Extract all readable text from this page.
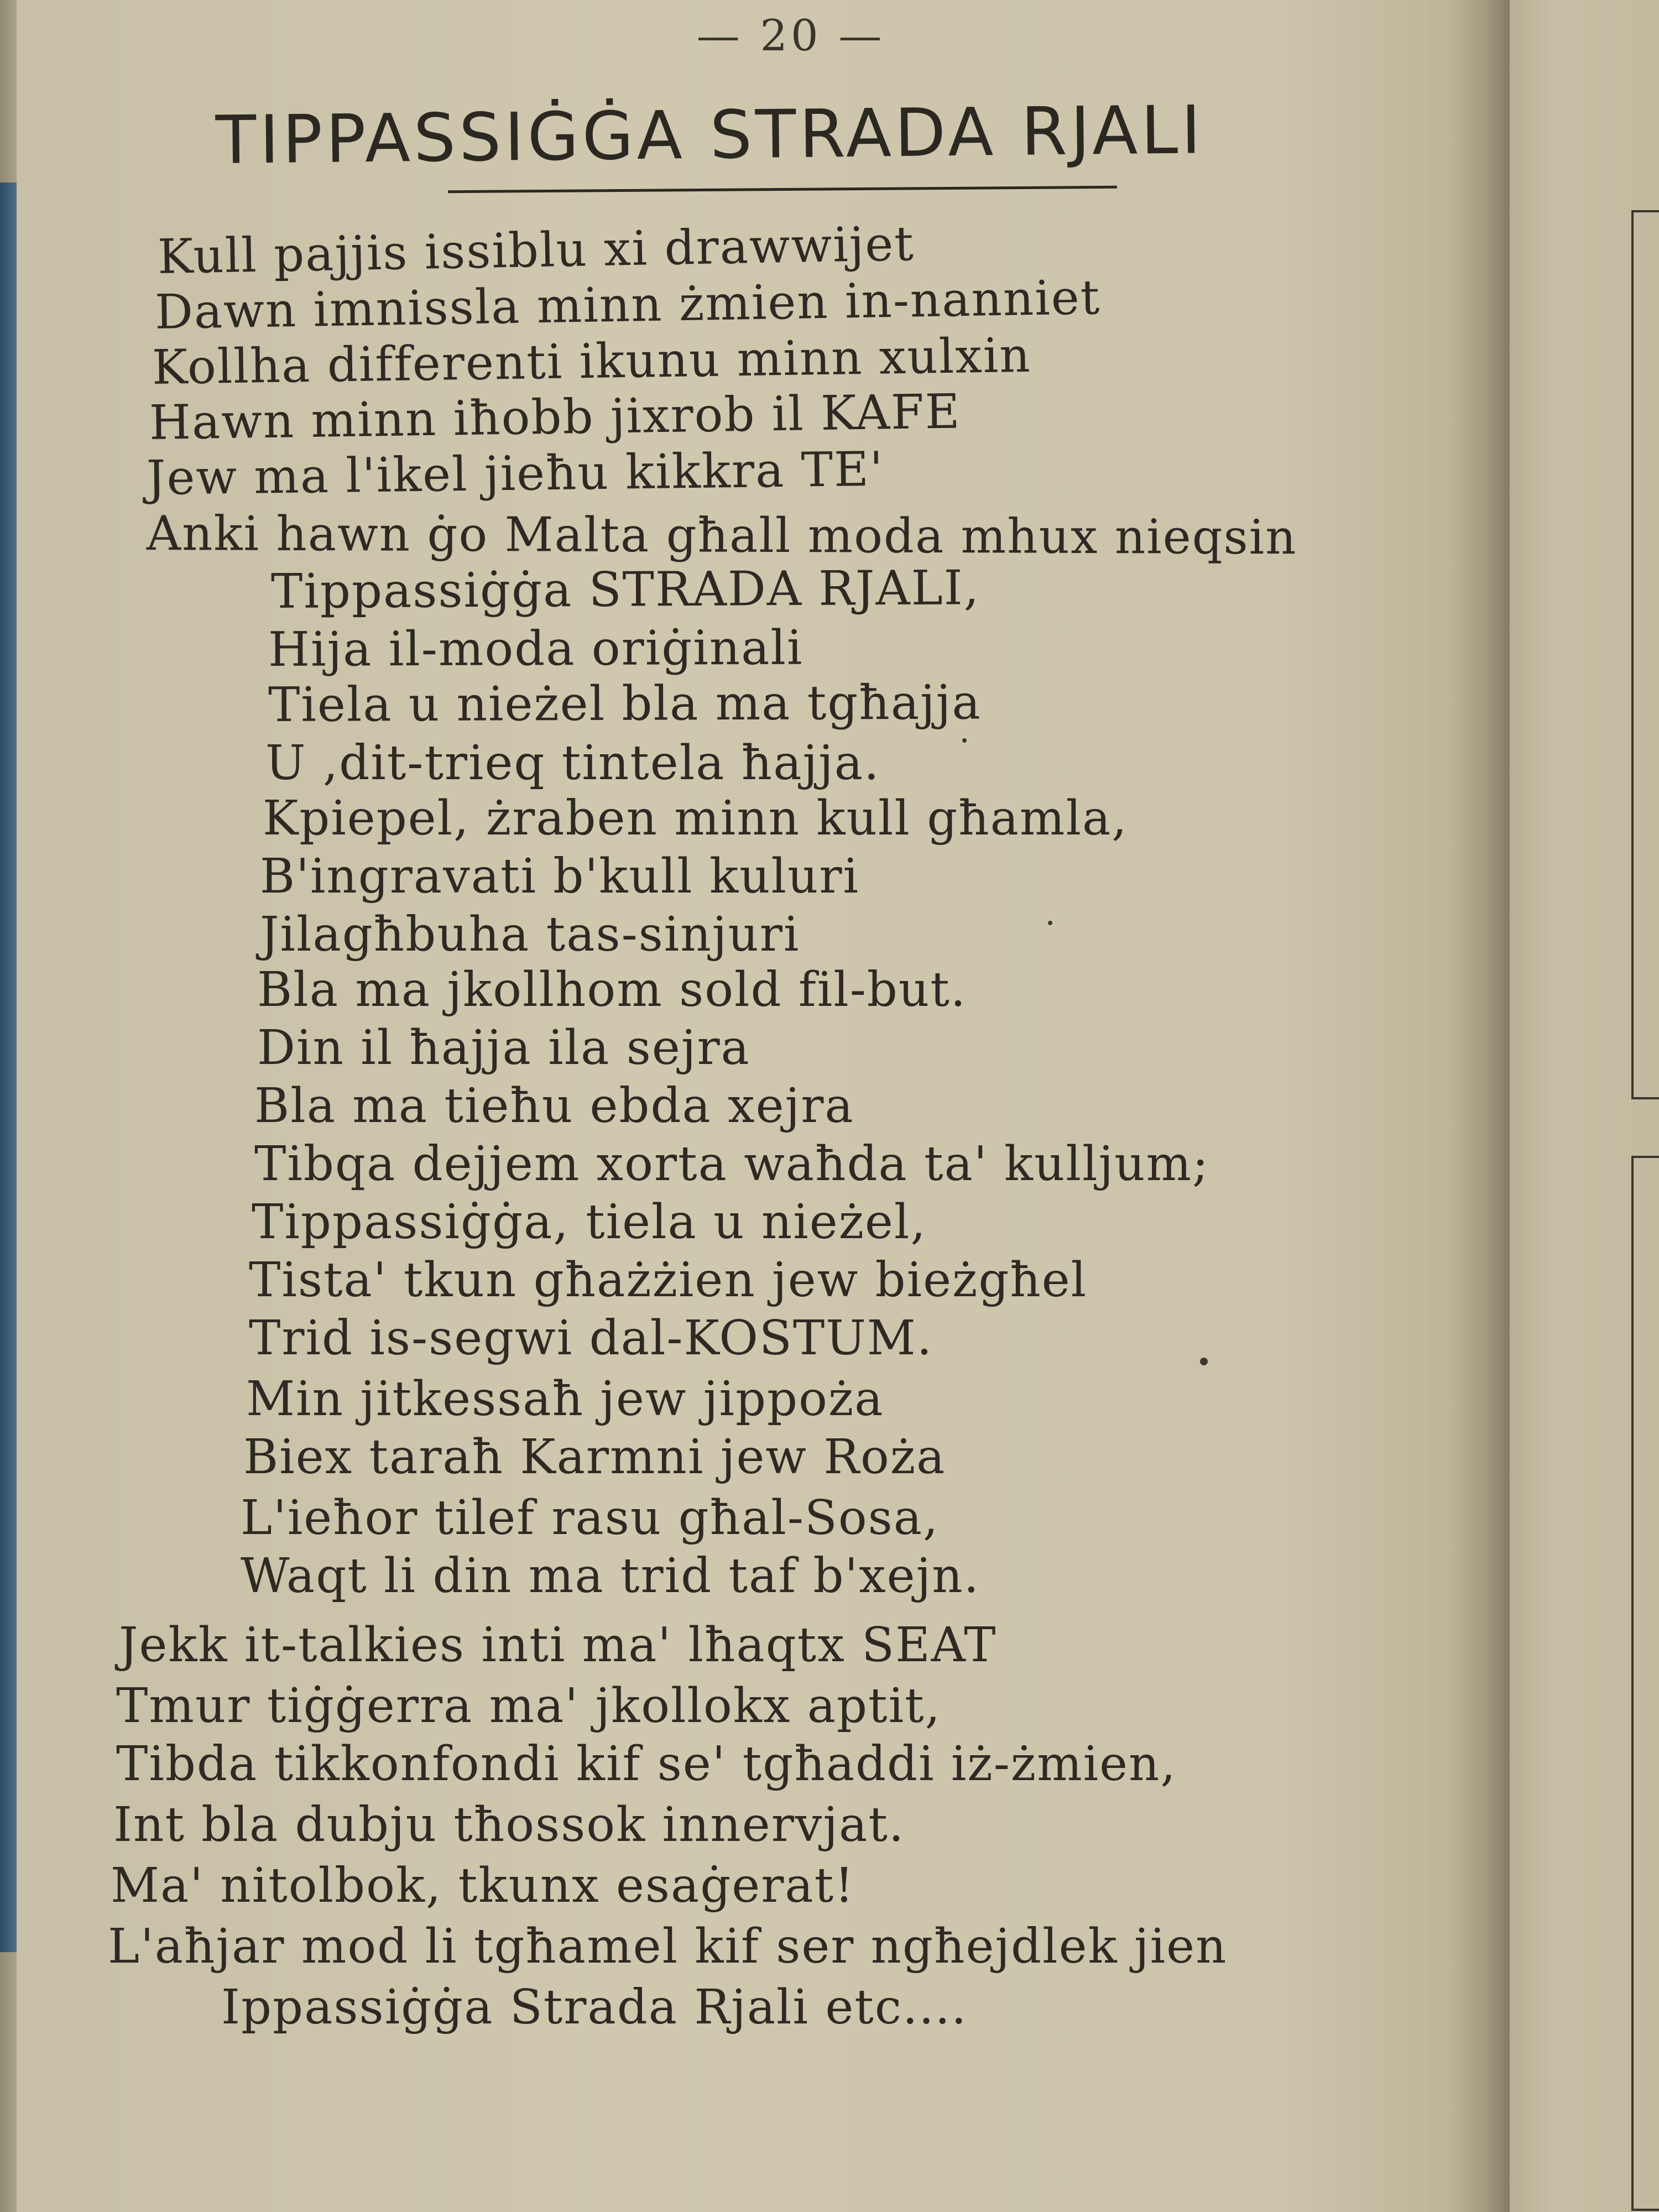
— 20 —
TIPPASSIĠĠA STRADA RJALI
Kull pajjis issiblu xi drawwijet
Dawn imnissla minn żmien in-nanniet
Kollha differenti ikunu minn xulxin
Hawn minn iħobb jixrob il KAFE
Jew ma l'ikel jieħu kikkra TE'
Anki hawn ġo Malta għall moda mhux nieqsin
Tippassiġġa STRADA RJALI,
Hija il-moda oriġinali
Tiela u nieżel bla ma tgħajja
U ,dit-trieq tintela ħajja.
Kpiepel, żraben minn kull għamla,
B'ingravati b'kull kuluri
Jilagħbuha tas-sinjuri
Bla ma jkollhom sold fil-but.
Din il ħajja ila sejra
Bla ma tieħu ebda xejra
Tibqa dejjem xorta waħda ta' kulljum;
Tippassiġġa, tiela u nieżel,
Tista' tkun għażżien jew bieżgħel
Trid is-segwi dal-KOSTUM.
Min jitkessaħ jew jippoża
Biex taraħ Karmni jew Roża
L'ieħor tilef rasu għal-Sosa,
Waqt li din ma trid taf b'xejn.
Jekk it-talkies inti ma' lħaqtx SEAT
Tmur tiġġerra ma' jkollokx aptit,
Tibda tikkonfondi kif se' tgħaddi iż-żmien,
Int bla dubju tħossok innervjat.
Ma' nitolbok, tkunx esaġerat!
L'aħjar mod li tgħamel kif ser ngħejdlek jien
Ippassiġġa Strada Rjali etc....
